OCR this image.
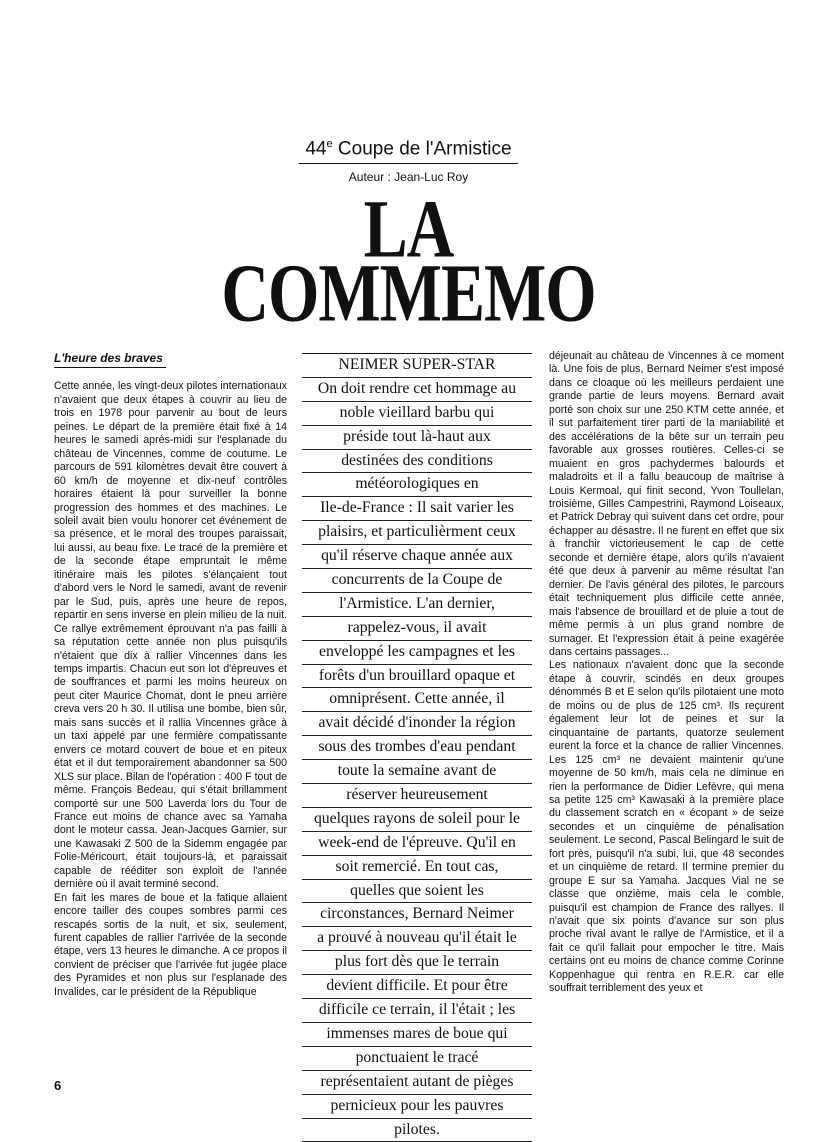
44e Coupe de l'Armistice
Auteur : Jean-Luc Roy
LA
COMMEMO
L'heure des braves

Cette année, les vingt-deux pilotes internationaux n'avaient que deux étapes à couvrir au lieu de trois en 1978 pour parvenir au bout de leurs peines. Le départ de la première était fixé à 14 heures le samedi après-midi sur l'esplanade du château de Vincennes, comme de coutume. Le parcours de 591 kilomètres devait être couvert à 60 km/h de moyenne et dix-neuf contrôles horaires étaient là pour surveiller la bonne progression des hommes et des machines. Le soleil avait bien voulu honorer cet événement de sa présence, et le moral des troupes paraissait, lui aussi, au beau fixe. Le tracé de la première et de la seconde étape empruntait le même itinéraire mais les pilotes s'élançaient tout d'abord vers le Nord le samedi, avant de revenir par le Sud, puis, après une heure de repos, repartir en sens inverse en plein milieu de la nuit. Ce rallye extrêmement éprouvant n'a pas failli à sa réputation cette année non plus puisqu'ils n'étaient que dix à rallier Vincennes dans les temps impartis. Chacun eut son lot d'épreuves et de souffrances et parmi les moins heureux on peut citer Maurice Chomat, dont le pneu arrière creva vers 20 h 30. Il utilisa une bombe, bien sûr, mais sans succès et il rallia Vincennes grâce à un taxi appelé par une fermière compatissante envers ce motard couvert de boue et en piteux état et il dut temporairement abandonner sa 500 XLS sur place. Bilan de l'opération : 400 F tout de même. François Bedeau, qui s'était brillamment comporté sur une 500 Laverda lors du Tour de France eut moins de chance avec sa Yamaha dont le moteur cassa. Jean-Jacques Garnier, sur une Kawasaki Z 500 de la Sidemm engagée par Folie-Méricourt, était toujours-là, et paraissait capable de rééditer son exploit de l'année dernière où il avait terminé second.

En fait les mares de boue et la fatique allaient encore tailler des coupes sombres parmi ces rescapés sortis de la nuit, et six, seulement, furent capables de rallier l'arrivée de la seconde étape, vers 13 heures le dimanche. A ce propos il convient de préciser que l'arrivée fut jugée place des Pyramides et non plus sur l'esplanade des Invalides, car le président de la République

NEIMER SUPER-STAR
On doit rendre cet hommage au
noble vieillard barbu qui
préside tout là-haut aux
destinées des conditions
météorologiques en
Ile-de-France : Il sait varier les
plaisirs, et particulièrment ceux
qu'il réserve chaque année aux
concurrents de la Coupe de
l'Armistice. L'an dernier,
rappelez-vous, il avait
enveloppé les campagnes et les
forêts d'un brouillard opaque et
omniprésent. Cette année, il
avait décidé d'inonder la région
sous des trombes d'eau pendant
toute la semaine avant de
réserver heureusement
quelques rayons de soleil pour le
week-end de l'épreuve. Qu'il en
soit remercié. En tout cas,
quelles que soient les
circonstances, Bernard Neimer
a prouvé à nouveau qu'il était le
plus fort dès que le terrain
devient difficile. Et pour être
difficile ce terrain, il l'était ; les
immenses mares de boue qui
ponctuaient le tracé
représentaient autant de pièges
pernicieux pour les pauvres
pilotes.

déjeunait au château de Vincennes à ce moment là. Une fois de plus, Bernard Neimer s'est imposé dans ce cloaque où les meilleurs perdaient une grande partie de leurs moyens. Bernard avait porté son choix sur une 250 KTM cette année, et il sut parfaitement tirer parti de la maniabilité et des accélérations de la bête sur un terrain peu favorable aux grosses routières. Celles-ci se muaient en gros pachydermes balourds et maladroits et il a fallu beaucoup de maîtrise à Louis Kermoal, qui finit second, Yvon Toullelan, troisième, Gilles Campestrini, Raymond Loiseaux, et Patrick Debray qui suivent dans cet ordre, pour échapper au désastre. Il ne furent en effet que six à franchir victorieusement le cap de cette seconde et dernière étape, alors qu'ils n'avaient été que deux à parvenir au même résultat l'an dernier. De l'avis général des pilotes, le parcours était techniquement plus difficile cette année, mais l'absence de brouillard et de pluie a tout de même permis à un plus grand nombre de surnager. Et l'expression était à peine exagérée dans certains passages...

Les nationaux n'avaient donc que la seconde étape à couvrir, scindés en deux groupes dénommés B et E selon qu'ils pilotaient une moto de moins ou de plus de 125 cm³. Ils reçurent également leur lot de peines et sur la cinquantaine de partants, quatorze seulement eurent la force et la chance de rallier Vincennes. Les 125 cm³ ne devaient maintenir qu'une moyenne de 50 km/h, mais cela ne diminue en rien la performance de Didier Lefèvre, qui mena sa petite 125 cm³ Kawasaki à la première place du classement scratch en « écopant » de seize secondes et un cinquième de pénalisation seulement. Le second, Pascal Belingard le suit de fort près, puisqu'il n'a subi, lui, que 48 secondes et un cinquième de retard. Il termine premier du groupe E sur sa Yamaha. Jacques Vial ne se classe que onzième, mais cela le comble, puisqu'il est champion de France des rallyes. Il n'avait que six points d'avance sur son plus proche rival avant le rallye de l'Armistice, et il a fait ce qu'il fallait pour empocher le titre. Mais certains ont eu moins de chance comme Corinne Koppenhague qui rentra en R.E.R. car elle souffrait terriblement des yeux et

6
